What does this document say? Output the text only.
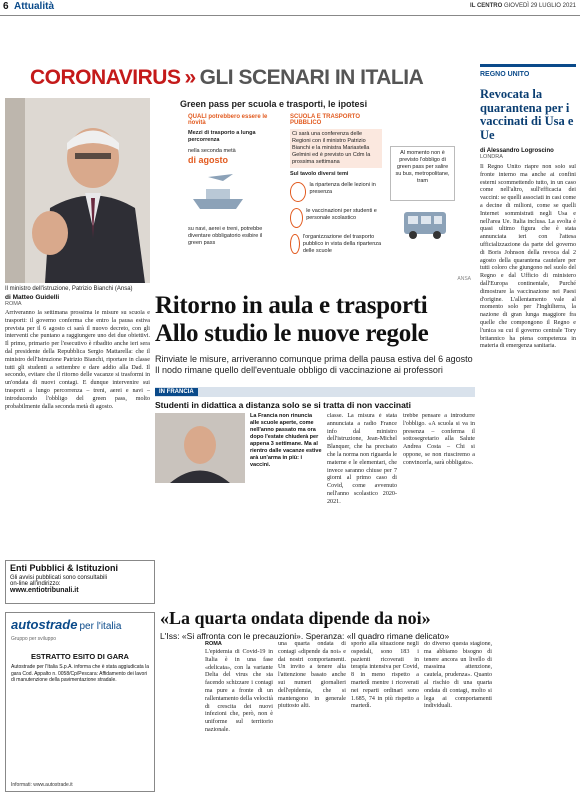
6 Attualità	IL CENTRO GIOVEDÌ 29 LUGLIO 2021
CORONAVIRUS » GLI SCENARI IN ITALIA
Il ministro dell'istruzione, Patrizio Bianchi (Ansa)
Green pass per scuola e trasporti, le ipotesi
QUALI potrebbero essere le novità
Mezzi di trasporto a lunga percorrenza
nella seconda metà
di agosto
su navi, aerei e treni, potrebbe diventare obbligatorio esibire il green pass
SCUOLA E TRASPORTO PUBBLICO
Ci sarà una conferenza delle Regioni con il ministro Patrizio Bianchi e la ministra Mariastella Gelmini ed è previsto un Cdm la prossima settimana
Sul tavolo diversi temi
la ripartenza delle lezioni in presenza
le vaccinazioni per studenti e personale scolastico
l'organizzazione del trasporto pubblico in vista della ripartenza delle scuole
Al momento non è previsto l'obbligo di green pass per salire su bus, metropolitane, tram
ANSA
REGNO UNITO
Revocata la quarantena per i vaccinati di Usa e Ue
di Alessandro Logroscino
LONDRA
Il Regno Unito riapre non solo sul fronte interno ma anche ai confini esterni scommettendo tutto, in un caso come nell'altro, sull'efficacia dei vaccini: se quelli associati in casi come a decine di milioni, come se quelli Internet sommistrati negli Usa e nell'area Ue. Italia inclusa. La svolta è quasi ultimo figura che è stata annunciata ieri con l'attesa ufficializzazione da parte del governo di Boris Johnson della revoca dal 2 agosto della quarantena cautelare per tutti coloro che giungono nel suolo del Regno e dal Ufficio di ministero dall'Europa continentale, Purché dimostrare la vaccinazione nei Paesi d'origine. L'allentamento vale al momento solo per l'Inghilterra, la nazione di gran lunga maggiore fra quelle che compongono il Regno e l'unica su cui il governo centrale Tory britannico ha piena competenza in materia di emergenza sanitaria.
Ritorno in aula e trasporti
Allo studio le nuove regole
Rinviate le misure, arriveranno comunque prima della pausa estiva del 6 agosto Il nodo rimane quello dell'eventuale obbligo di vaccinazione ai professori
di Matteo Guidelli
ROMA
Arriveranno la settimana prossima le misure su scuola e trasporti: il governo conferma che entro la pausa estiva prevista per il 6 agosto ci sarà il nuovo decreto, con gli interventi che puntano a raggiungere uno dei due obiettivi. Il primo, primario per l'esecutivo è ribadito anche ieri sera dal presidente della Repubblica Sergio Mattarella: che il ministro dell'Istruzione Patrizio Bianchi, riportare in classe tutti gli studenti a settembre e dare addio alla Dad. Il secondo, evitare che il ritorno delle vacanze si trasformi in un'ondata di nuovi contagi. E dunque intervenire sui trasporti a lungo percorrenza – treni, aerei e navi – introducendo l'obbligo del green pass, molto probabilmente dalla seconda metà di agosto.
IN FRANCIA
Studenti in didattica a distanza solo se si tratta di non vaccinati
La Francia non rinuncia alle scuole aperte, come nell'anno passato ma ora dopo l'estate chiuderà per appena 3 settimane. Ma al rientro dalle vacanze estive arà un'arma in più: i vaccini.
classe. La misura è stata annunciata a radio France info dal ministro dell'istruzione, Jean-Michel Blanquer, che ha precisato che la norma non riguarda le materne e le elementari, che invece saranno chiuse per 7 giorni al primo caso di Covid, come avvenuto nell'anno scolastico 2020-2021.
trebbe pensare a introdurre l'obbligo. «A scuola si va in presenza – conferma il sottosegretario alla Salute Andrea Costa – Chi si oppone, se non riusciremo a convincerla, sarà obbligato».
Enti Pubblici & Istituzioni
Gli avvisi pubblicati sono consultabili
on-line all'indirizzo:
www.entiotribunali.it
autostrade per l'italia
Gruppo per sviluppo
ESTRATTO ESITO DI GARA
Autostrade per l'Italia S.p.A. informa che è stata aggiudicata la gara Cod. Appalto n. 0058/Cp/Pescara: Affidamento dei lavori di manutenzione della pavimentazione stradale.
Informati: www.autostrade.it
«La quarta ondata dipende da noi»
L'Iss: «Si affronta con le precauzioni». Speranza: «Il quadro rimane delicato»
ROMA
L'epidemia di Covid-19 in Italia è in una fase «delicata», con la variante Delta del virus che sta facendo schizzare i contagi ma pure a fronte di un rallentamento della velocità di crescita dei nuovi infezioni che, però, non è uniforme sul territorio nazionale.
una quarta ondata di contagi «dipende da noi» e dai nostri comportamenti. Un invito a tenere alta l'attenzione basato anche sui numeri giornalieri dell'epidemia, che si mantengono in generale piuttosto alti.
sporto alla situazione negli ospedali, sono 183 i pazienti ricoverati in terapia intensiva per Covid, 8 in meno rispetto a martedì mentre i ricoverati nei reparti ordinari sono 1.685, 74 in più rispetto a martedì.
do diverso questa stagione, ma abbiamo bisogno di tenere ancora un livello di massima attenzione, cautela, prudenza». Quanto al rischio di una quarta ondata di contagi, molto si lega ai comportamenti individuali.
